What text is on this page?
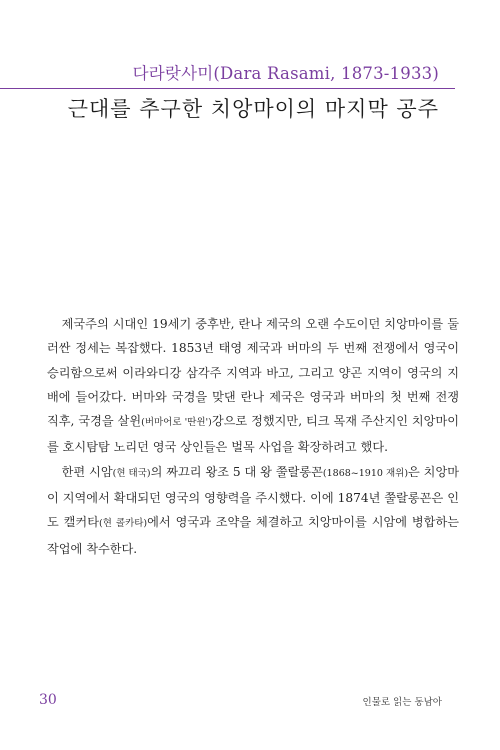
다라랏사미(Dara Rasami, 1873-1933)
근대를 추구한 치앙마이의 마지막 공주

제국주의 시대인 19세기 중후반, 란나 제국의 오랜 수도이던 치앙마이를 둘러싼 정세는 복잡했다. 1853년 태영 제국과 버마의 두 번째 전쟁에서 영국이 승리함으로써 이라와디강 삼각주 지역과 바고, 그리고 양곤 지역이 영국의 지배에 들어갔다. 버마와 국경을 맞댄 란나 제국은 영국과 버마의 첫 번째 전쟁 직후, 국경을 살윈(버마어로 '딴윈')강으로 정했지만, 티크 목재 주산지인 치앙마이를 호시탐탐 노리던 영국 상인들은 벌목 사업을 확장하려고 했다.

한편 시암(현 태국)의 짜끄리 왕조 5 대 왕 쭐랄롱꼰(1868~1910 재위)은 치앙마이 지역에서 확대되던 영국의 영향력을 주시했다. 이에 1874년 쭐랄롱꼰은 인도 캘커타(현 콜카타)에서 영국과 조약을 체결하고 치앙마이를 시암에 병합하는 작업에 착수한다.

30	인물로 읽는 동남아
